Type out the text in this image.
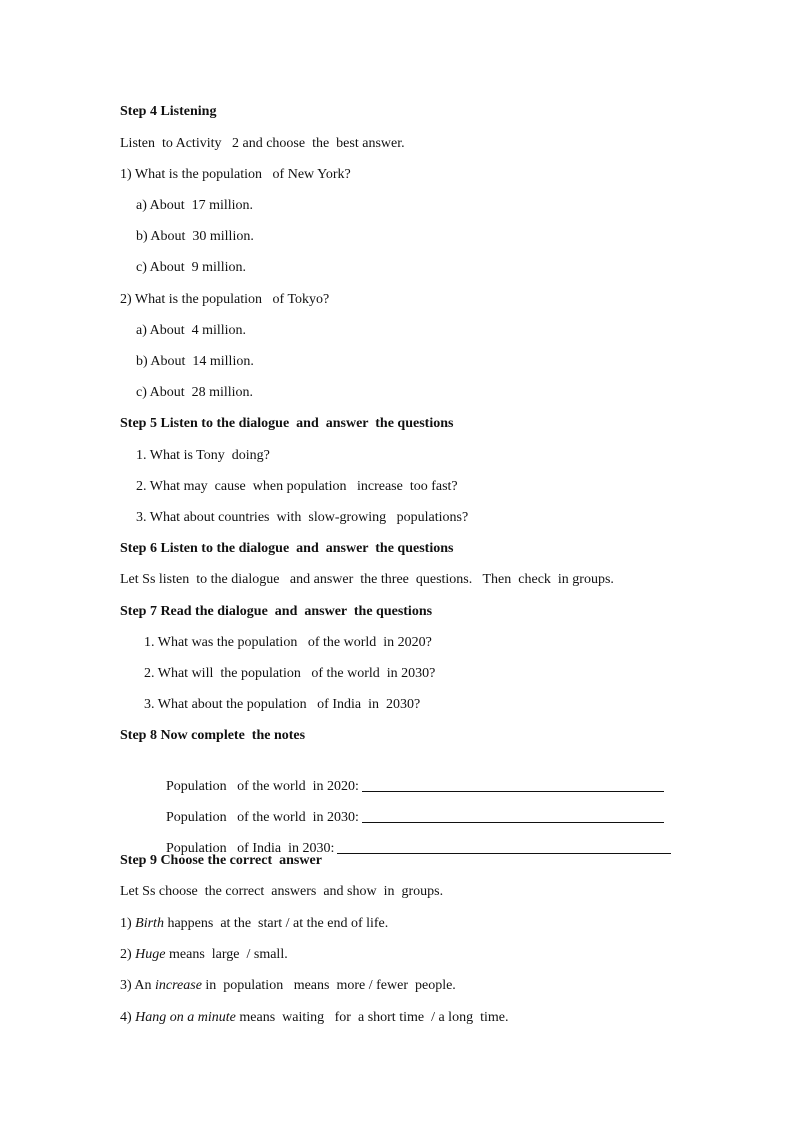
Step 4 Listening
Listen  to Activity   2 and choose  the  best answer.
1) What is the population   of New York?
a) About  17 million.
b) About  30 million.
c) About  9 million.
2) What is the population   of Tokyo?
a) About  4 million.
b) About  14 million.
c) About  28 million.
Step 5 Listen to the dialogue  and  answer  the questions
1. What is Tony  doing?
2. What may  cause  when population   increase  too fast?
3. What about countries  with  slow-growing   populations?
Step 6 Listen to the dialogue  and  answer  the questions
Let Ss listen  to the dialogue   and answer  the three  questions.   Then  check  in groups.
Step 7 Read the dialogue  and  answer  the questions
1. What was the population   of the world  in 2020?
2. What will  the population   of the world  in 2030?
3. What about the population   of India  in  2030?
Step 8 Now complete  the notes

Population   of the world  in 2020:

Population   of the world  in 2030:

Population   of India  in 2030:

Step 9 Choose the correct  answer
Let Ss choose  the correct  answers  and show  in  groups.
1) Birth happens  at the  start / at the end of life.
2) Huge means  large  / small.
3) An increase in  population   means  more / fewer  people.
4) Hang on a minute means  waiting   for  a short time  / a long  time.
